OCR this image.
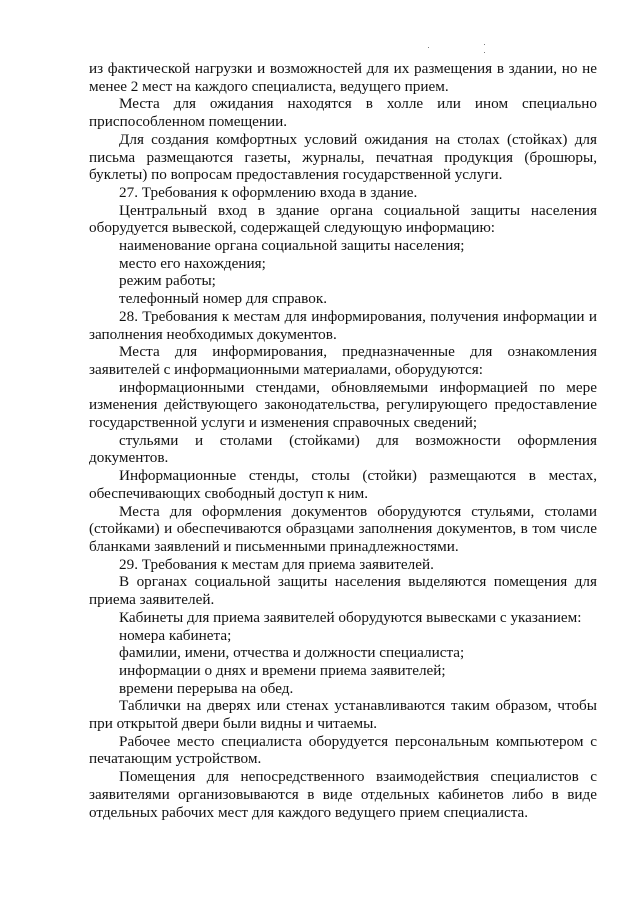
из фактической нагрузки и возможностей для их размещения в здании, но не менее 2 мест на каждого специалиста, ведущего прием.

Места для ожидания находятся в холле или ином специально приспособленном помещении.

Для создания комфортных условий ожидания на столах (стойках) для письма размещаются газеты, журналы, печатная продукция (брошюры, буклеты) по вопросам предоставления государственной услуги.

27. Требования к оформлению входа в здание.

Центральный вход в здание органа социальной защиты населения оборудуется вывеской, содержащей следующую информацию:

наименование органа социальной защиты населения;

место его нахождения;

режим работы;

телефонный номер для справок.

28. Требования к местам для информирования, получения информации и заполнения необходимых документов.

Места для информирования, предназначенные для ознакомления заявителей с информационными материалами, оборудуются:

информационными стендами, обновляемыми информацией по мере изменения действующего законодательства, регулирующего предоставление государственной услуги и изменения справочных сведений;

стульями и столами (стойками) для возможности оформления документов.

Информационные стенды, столы (стойки) размещаются в местах, обеспечивающих свободный доступ к ним.

Места для оформления документов оборудуются стульями, столами (стойками) и обеспечиваются образцами заполнения документов, в том числе бланками заявлений и письменными принадлежностями.

29. Требования к местам для приема заявителей.

В органах социальной защиты населения выделяются помещения для приема заявителей.

Кабинеты для приема заявителей оборудуются вывесками с указанием:

номера кабинета;

фамилии, имени, отчества и должности специалиста;

информации о днях и времени приема заявителей;

времени перерыва на обед.

Таблички на дверях или стенах устанавливаются таким образом, чтобы при открытой двери были видны и читаемы.

Рабочее место специалиста оборудуется персональным компьютером с печатающим устройством.

Помещения для непосредственного взаимодействия специалистов с заявителями организовываются в виде отдельных кабинетов либо в виде отдельных рабочих мест для каждого ведущего прием специалиста.
